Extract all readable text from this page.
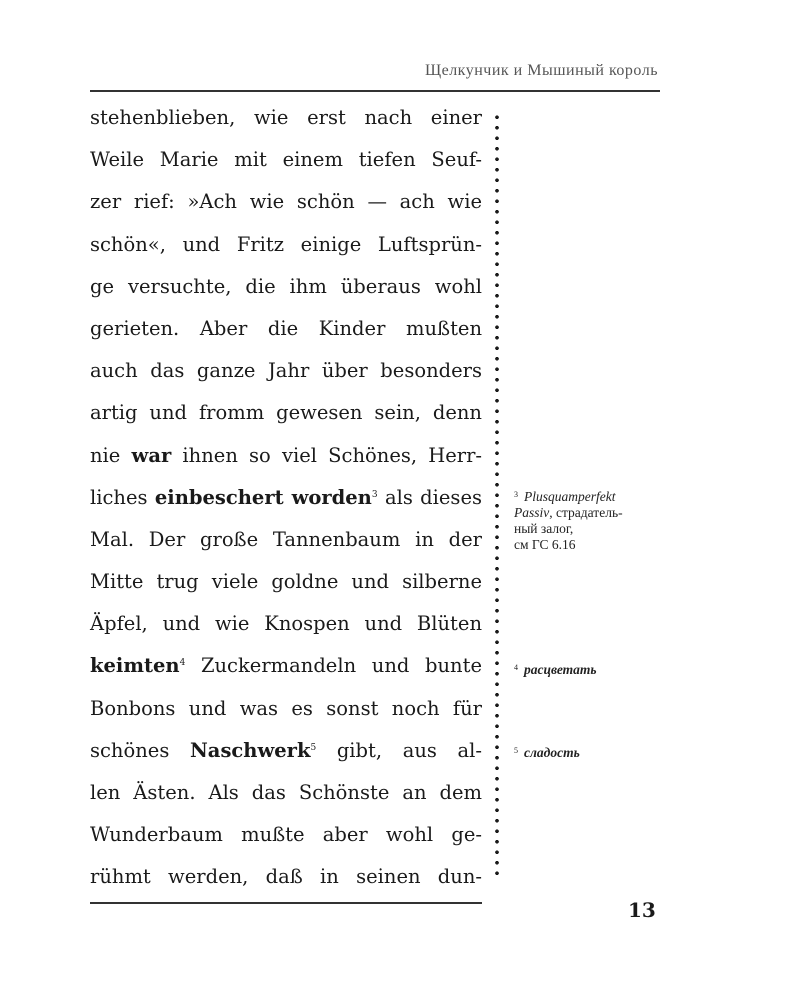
Щелкунчик и Мышиный король
stehenblieben, wie erst nach einer
Weile Marie mit einem tiefen Seuf-
zer rief: »Ach wie schön — ach wie
schön«, und Fritz einige Luftsprün-
ge versuchte, die ihm überaus wohl
gerieten. Aber die Kinder mußten
auch das ganze Jahr über besonders
artig und fromm gewesen sein, denn
nie war ihnen so viel Schönes, Herr-
liches einbeschert worden$^3$ als dieses
Mal. Der große Tannenbaum in der
Mitte trug viele goldne und silberne
Äpfel, und wie Knospen und Blüten
keimten$^4$ Zuckermandeln und bunte
Bonbons und was es sonst noch für
schönes Naschwerk$^5$ gibt, aus al-
len Ästen. Als das Schönste an dem
Wunderbaum mußte aber wohl ge-
rühmt werden, daß in seinen dun-
$^3$ Plusquamperfekt
Passiv, страдатель-
ный залог,
см ГС 6.16
$^4$ расцветать
$^5$ сладость
13
